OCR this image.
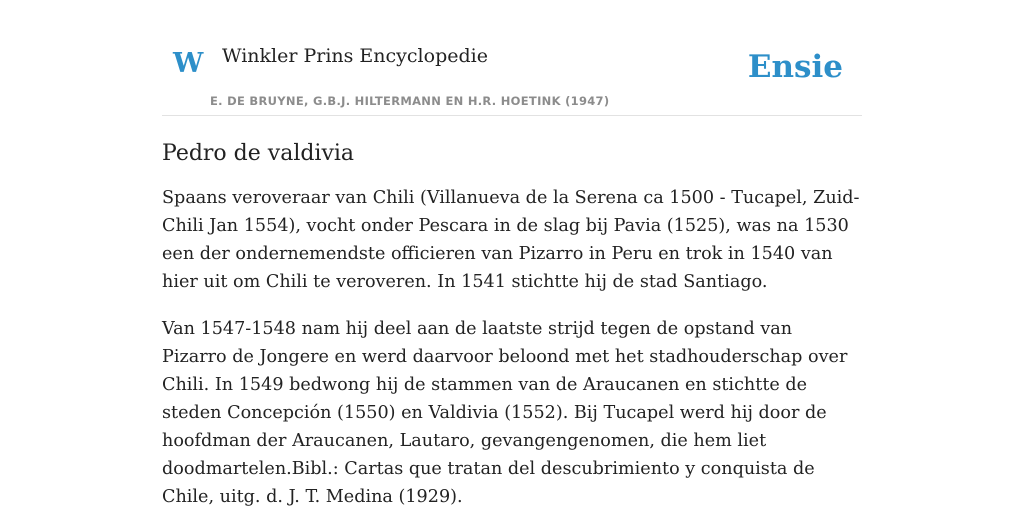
W Winkler Prins Encyclopedie
E. DE BRUYNE, G.B.J. HILTERMANN EN H.R. HOETINK (1947)
Ensie
Pedro de valdivia

Spaans veroveraar van Chili (Villanueva de la Serena ca 1500 - Tucapel, Zuid-Chili Jan 1554), vocht onder Pescara in de slag bij Pavia (1525), was na 1530 een der ondernemendste officieren van Pizarro in Peru en trok in 1540 van hier uit om Chili te veroveren. In 1541 stichtte hij de stad Santiago.

Van 1547-1548 nam hij deel aan de laatste strijd tegen de opstand van Pizarro de Jongere en werd daarvoor beloond met het stadhouderschap over Chili. In 1549 bedwong hij de stammen van de Araucanen en stichtte de steden Concepción (1550) en Valdivia (1552). Bij Tucapel werd hij door de hoofdman der Araucanen, Lautaro, gevangengenomen, die hem liet doodmartelen.Bibl.: Cartas que tratan del descubrimiento y conquista de Chile, uitg. d. J. T. Medina (1929).
